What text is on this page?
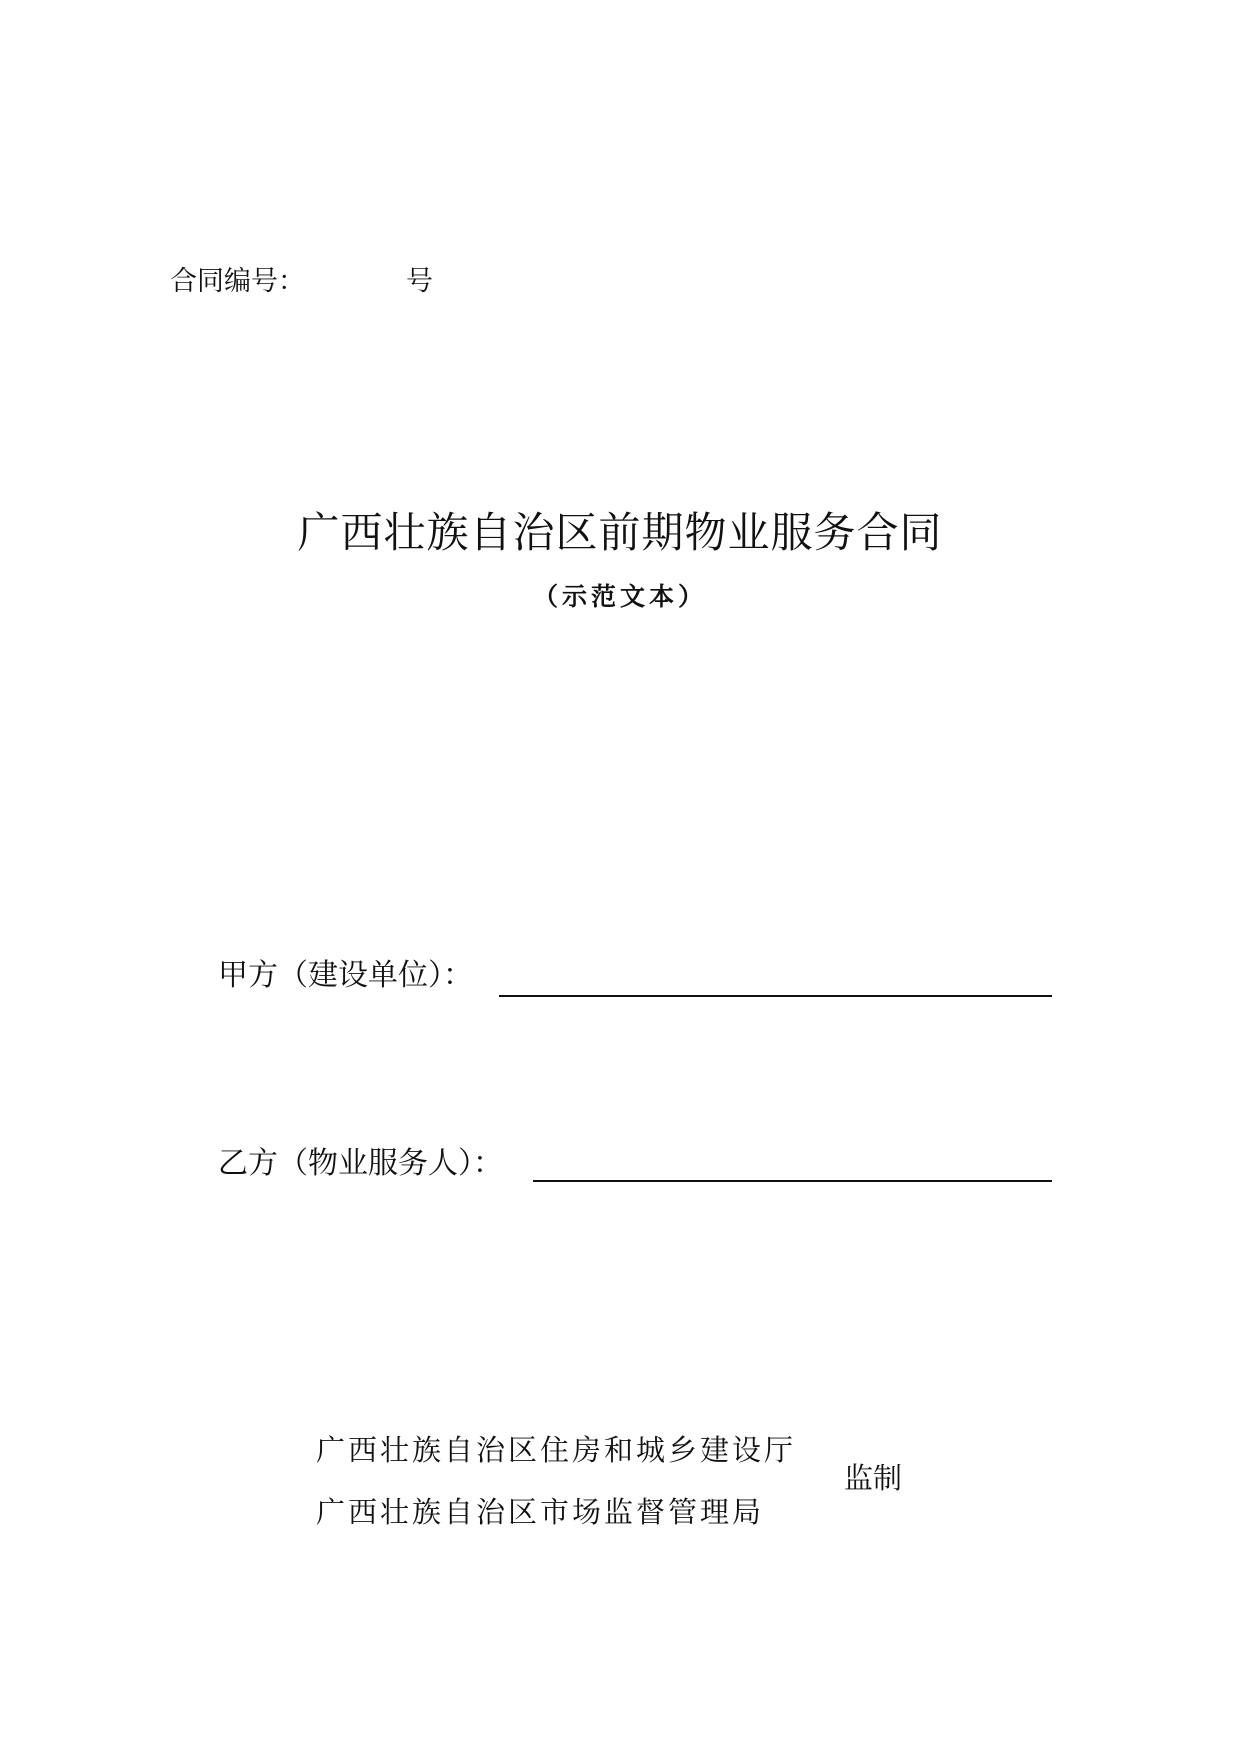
合同编号：	号
广西壮族自治区前期物业服务合同
（示范文本）
甲方（建设单位）：
乙方（物业服务人）：
广西壮族自治区住房和城乡建设厅
广西壮族自治区市场监督管理局
监制
